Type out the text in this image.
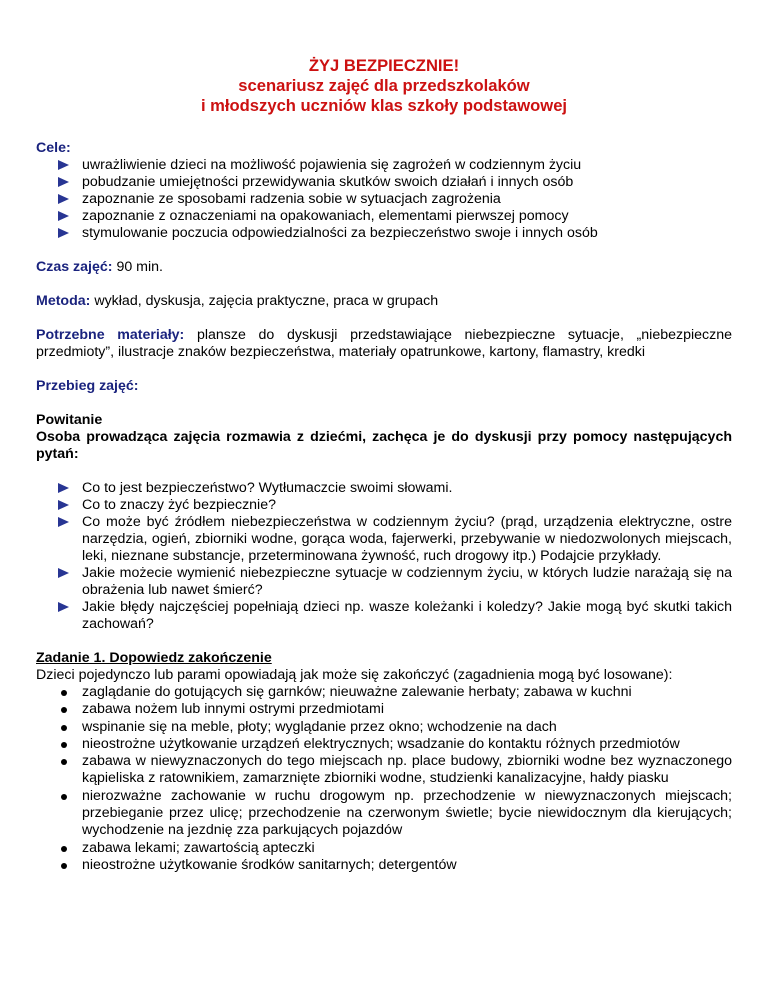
ŻYJ BEZPIECZNIE!
scenariusz zajęć dla przedszkolaków
i młodszych uczniów klas szkoły podstawowej
Cele:
uwrażliwienie dzieci na możliwość pojawienia się zagrożeń w codziennym życiu
pobudzanie umiejętności przewidywania skutków swoich działań i innych osób
zapoznanie ze sposobami radzenia sobie w sytuacjach zagrożenia
zapoznanie z oznaczeniami na opakowaniach, elementami pierwszej pomocy
stymulowanie poczucia odpowiedzialności za bezpieczeństwo swoje i innych osób
Czas zajęć: 90 min.
Metoda: wykład, dyskusja, zajęcia praktyczne, praca w grupach
Potrzebne materiały: plansze do dyskusji przedstawiające niebezpieczne sytuacje, „niebezpieczne przedmioty”, ilustracje znaków bezpieczeństwa, materiały opatrunkowe, kartony, flamastry, kredki
Przebieg zajęć:
Powitanie
Osoba prowadząca zajęcia rozmawia z dziećmi, zachęca je do dyskusji przy pomocy następujących pytań:
Co to jest bezpieczeństwo? Wytłumaczcie swoimi słowami.
Co to znaczy żyć bezpiecznie?
Co może być źródłem niebezpieczeństwa w codziennym życiu? (prąd, urządzenia elektryczne, ostre narzędzia, ogień, zbiorniki wodne, gorąca woda, fajerwerki, przebywanie w niedozwolonych miejscach, leki, nieznane substancje, przeterminowana żywność, ruch drogowy itp.) Podajcie przykłady.
Jakie możecie wymienić niebezpieczne sytuacje w codziennym życiu, w których ludzie narażają się na obrażenia lub nawet śmierć?
Jakie błędy najczęściej popełniają dzieci np. wasze koleżanki i koledzy? Jakie mogą być skutki takich zachowań?
Zadanie 1. Dopowiedz zakończenie
Dzieci pojedynczo lub parami opowiadają jak może się zakończyć (zagadnienia mogą być losowane):
zaglądanie do gotujących się garnków; nieuważne zalewanie herbaty; zabawa w kuchni
zabawa nożem lub innymi ostrymi przedmiotami
wspinanie się na meble, płoty; wyglądanie przez okno; wchodzenie na dach
nieostrożne użytkowanie urządzeń elektrycznych; wsadzanie do kontaktu różnych przedmiotów
zabawa w niewyznaczonych do tego miejscach np. place budowy, zbiorniki wodne bez wyznaczonego kąpieliska z ratownikiem, zamarznięte zbiorniki wodne, studzienki kanalizacyjne, hałdy piasku
nierozważne zachowanie w ruchu drogowym np. przechodzenie w niewyznaczonych miejscach; przebieganie przez ulicę; przechodzenie na czerwonym świetle; bycie niewidocznym dla kierujących; wychodzenie na jezdnię zza parkujących pojazdów
zabawa lekami; zawartością apteczki
nieostrożne użytkowanie środków sanitarnych; detergentów
